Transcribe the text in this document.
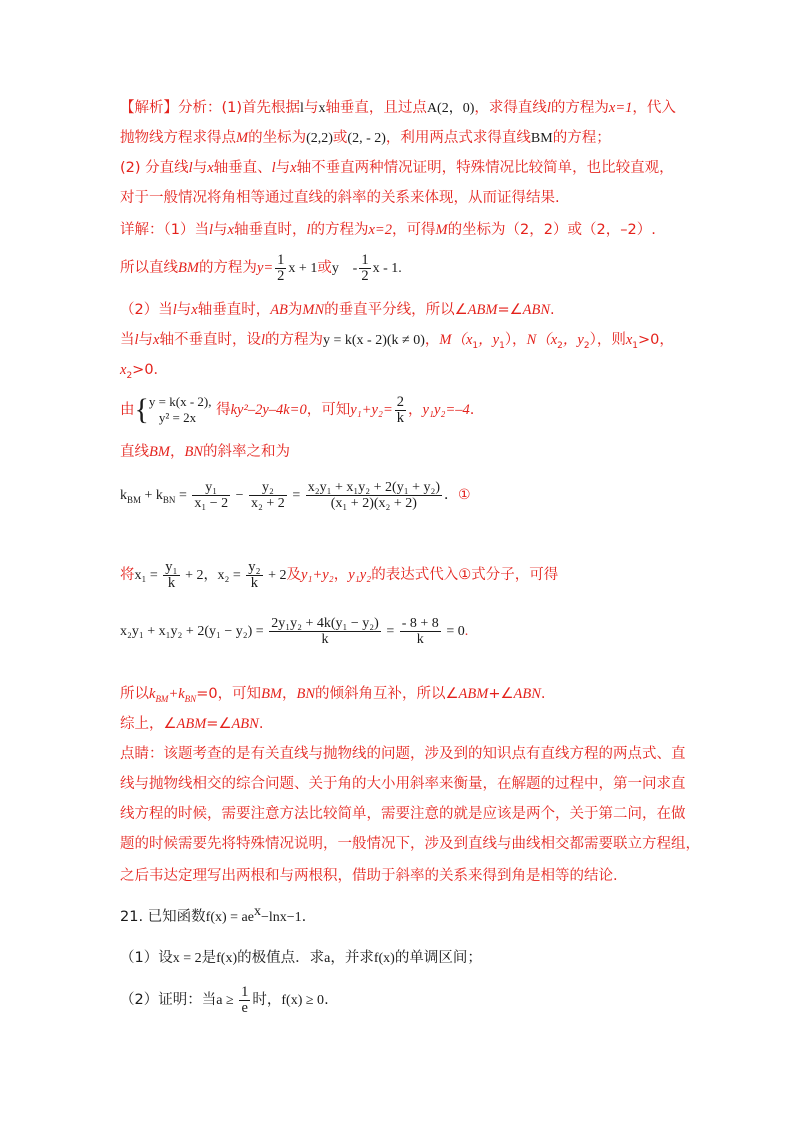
【解析】分析：(1)首先根据l与x轴垂直，且过点A(2，0)，求得直线l的方程为x=1，代入
抛物线方程求得点M的坐标为(2,2)或(2, - 2)，利用两点式求得直线BM的方程；
(2) 分直线l与x轴垂直、l与x轴不垂直两种情况证明，特殊情况比较简单，也比较直观，
对于一般情况将角相等通过直线的斜率的关系来体现，从而证得结果.
详解：（1）当l与x轴垂直时，l的方程为x=2，可得M的坐标为（2，2）或（2，–2）.
所以直线BM的方程为$y= \frac{1}{2}$ x + 1或y - $\frac{1}{2}$ x - 1.
（2）当l与x轴垂直时，AB为MN的垂直平分线，所以∠ABM=∠ABN.
当l与x轴不垂直时，设l的方程为y = k(x - 2)(k ≠ 0)，$M(x_1$，$y_1$），$N(x_2$，$y_2$），则$x_1>0$，
$x_2>0$．
由{ y = k(x - 2),
y² = 2x	得ky²–2y–4k=0，可知$y_1+y_2= \frac{2}{k}$ ，y₁y₂=–4.
直线BM，BN的斜率之和为
$k_{BM} + k_{BN} = \frac{\text{y₁}}{\text{x₁ − 2}} - \frac{\text{y₂}}{\text{x₂ + 2}} = \frac{\text{x₂y₁ + x₁y₂ + 2(y₁ + y₂)}}{\text{(x₁ + 2)(x₂ + 2)}}$ ．①
将$x_1 = \frac{\text{y₁}}{k} + 2$，$x_2 = \frac{\text{y₂}}{k} + 2$及y₁+y₂，y₁y₂的表达式代入①式分子，可得
$x_2y_1 + x_1y_2 + 2(y_1 - y_2) = \frac{\text{2y₁y₂ + 4k(y₁ − y₂)}}{k} = \frac{- 8 + 8}{k} = 0$.
所以$k_{BM}+k_{BN}=0$，可知BM，BN的倾斜角互补，所以∠ABM+∠ABN.
综上，∠ABM=∠ABN.
点睛：该题考查的是有关直线与抛物线的问题，涉及到的知识点有直线方程的两点式、直
线与抛物线相交的综合问题、关于角的大小用斜率来衡量，在解题的过程中，第一问求直
线方程的时候，需要注意方法比较简单，需要注意的就是应该是两个，关于第二问，在做
题的时候需要先将特殊情况说明，一般情况下，涉及到直线与曲线相交都需要联立方程组，
之后韦达定理写出两根和与两根积，借助于斜率的关系来得到角是相等的结论.
21. 已知函数$f(x) = ae^x-\ln x-1$.
（1）设x = 2是f(x)的极值点．求a，并求f(x)的单调区间；
（2）证明：当$a \ge \frac{1}{e}$ 时，f(x) ≥ 0.
